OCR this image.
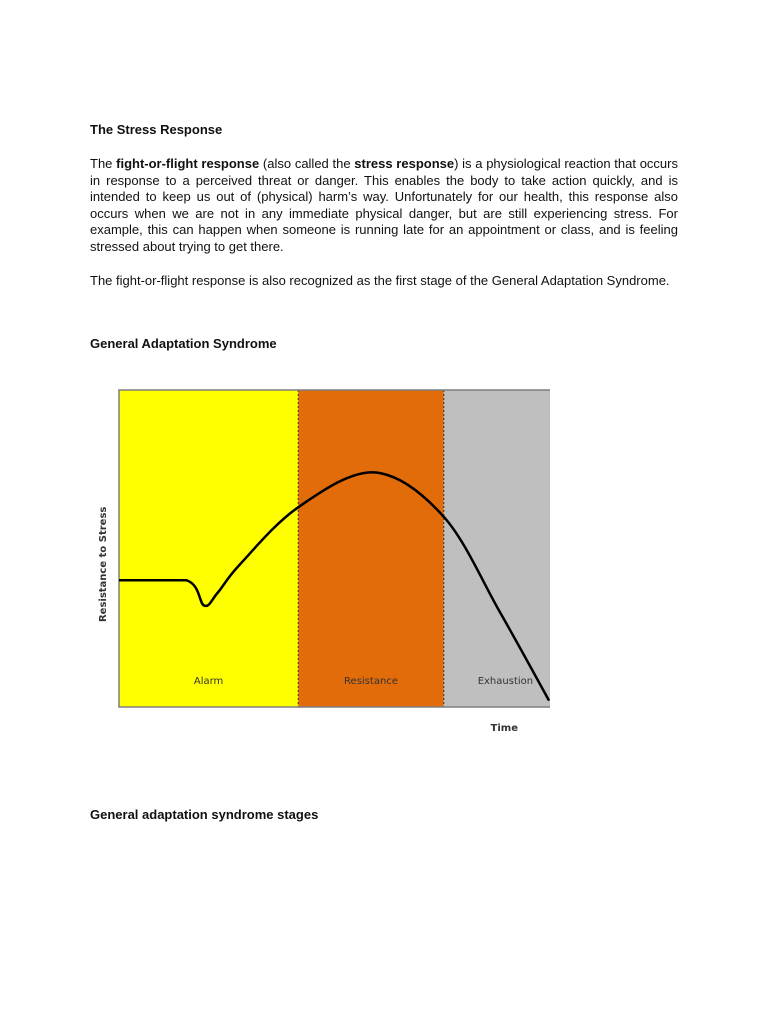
The Stress Response

The fight-or-flight response (also called the stress response) is a physiological reaction that occurs in response to a perceived threat or danger. This enables the body to take action quickly, and is intended to keep us out of (physical) harm’s way. Unfortunately for our health, this response also occurs when we are not in any immediate physical danger, but are still experiencing stress. For example, this can happen when someone is running late for an appointment or class, and is feeling stressed about trying to get there.

The fight-or-flight response is also recognized as the first stage of the General Adaptation Syndrome.

General Adaptation Syndrome
General adaptation syndrome stages
Alarm	Resistance	Exhaustion
Resistance to Stress
Time
